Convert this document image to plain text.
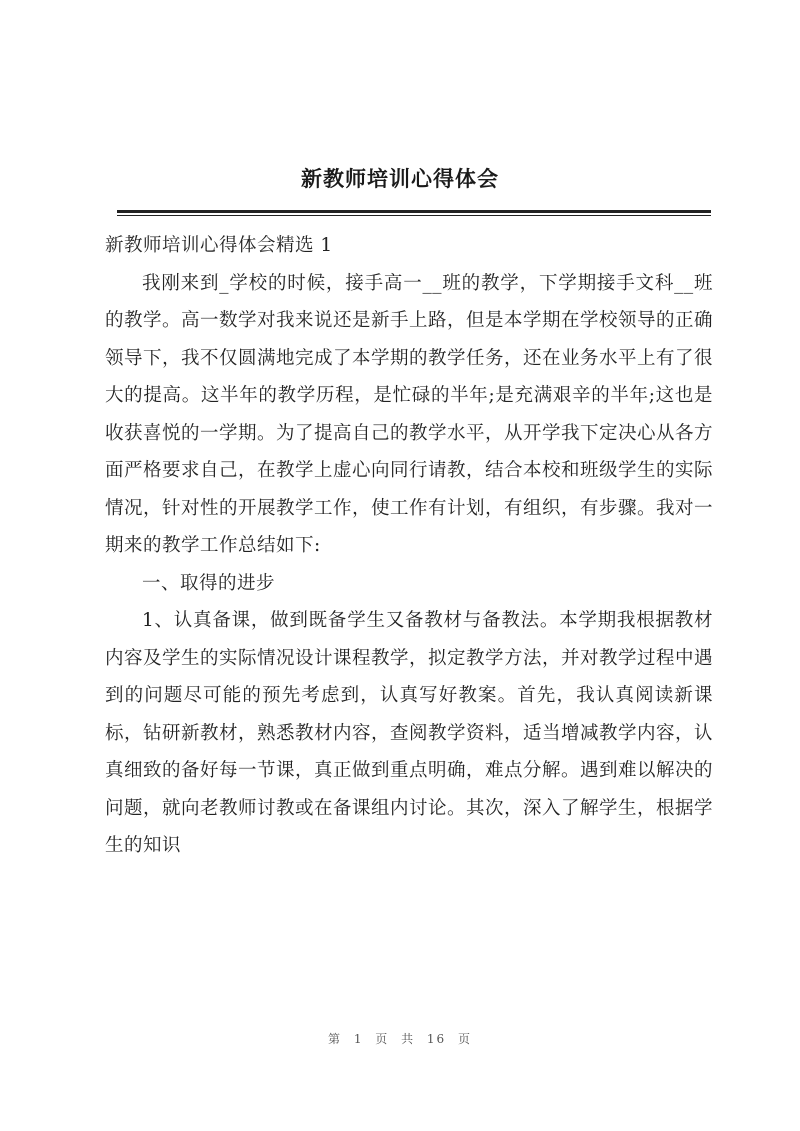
新教师培训心得体会

新教师培训心得体会精选 1

我刚来到_学校的时候，接手高一__班的教学，下学期接手文科__班的教学。高一数学对我来说还是新手上路，但是本学期在学校领导的正确领导下，我不仅圆满地完成了本学期的教学任务，还在业务水平上有了很大的提高。这半年的教学历程，是忙碌的半年;是充满艰辛的半年;这也是收获喜悦的一学期。为了提高自己的教学水平，从开学我下定决心从各方面严格要求自己，在教学上虚心向同行请教，结合本校和班级学生的实际情况，针对性的开展教学工作，使工作有计划，有组织，有步骤。我对一期来的教学工作总结如下:

一、取得的进步

1、认真备课，做到既备学生又备教材与备教法。本学期我根据教材内容及学生的实际情况设计课程教学，拟定教学方法，并对教学过程中遇到的问题尽可能的预先考虑到，认真写好教案。首先，我认真阅读新课标，钻研新教材，熟悉教材内容，查阅教学资料，适当增减教学内容，认真细致的备好每一节课，真正做到重点明确，难点分解。遇到难以解决的问题，就向老教师讨教或在备课组内讨论。其次，深入了解学生，根据学生的知识

第 1 页 共 16 页
